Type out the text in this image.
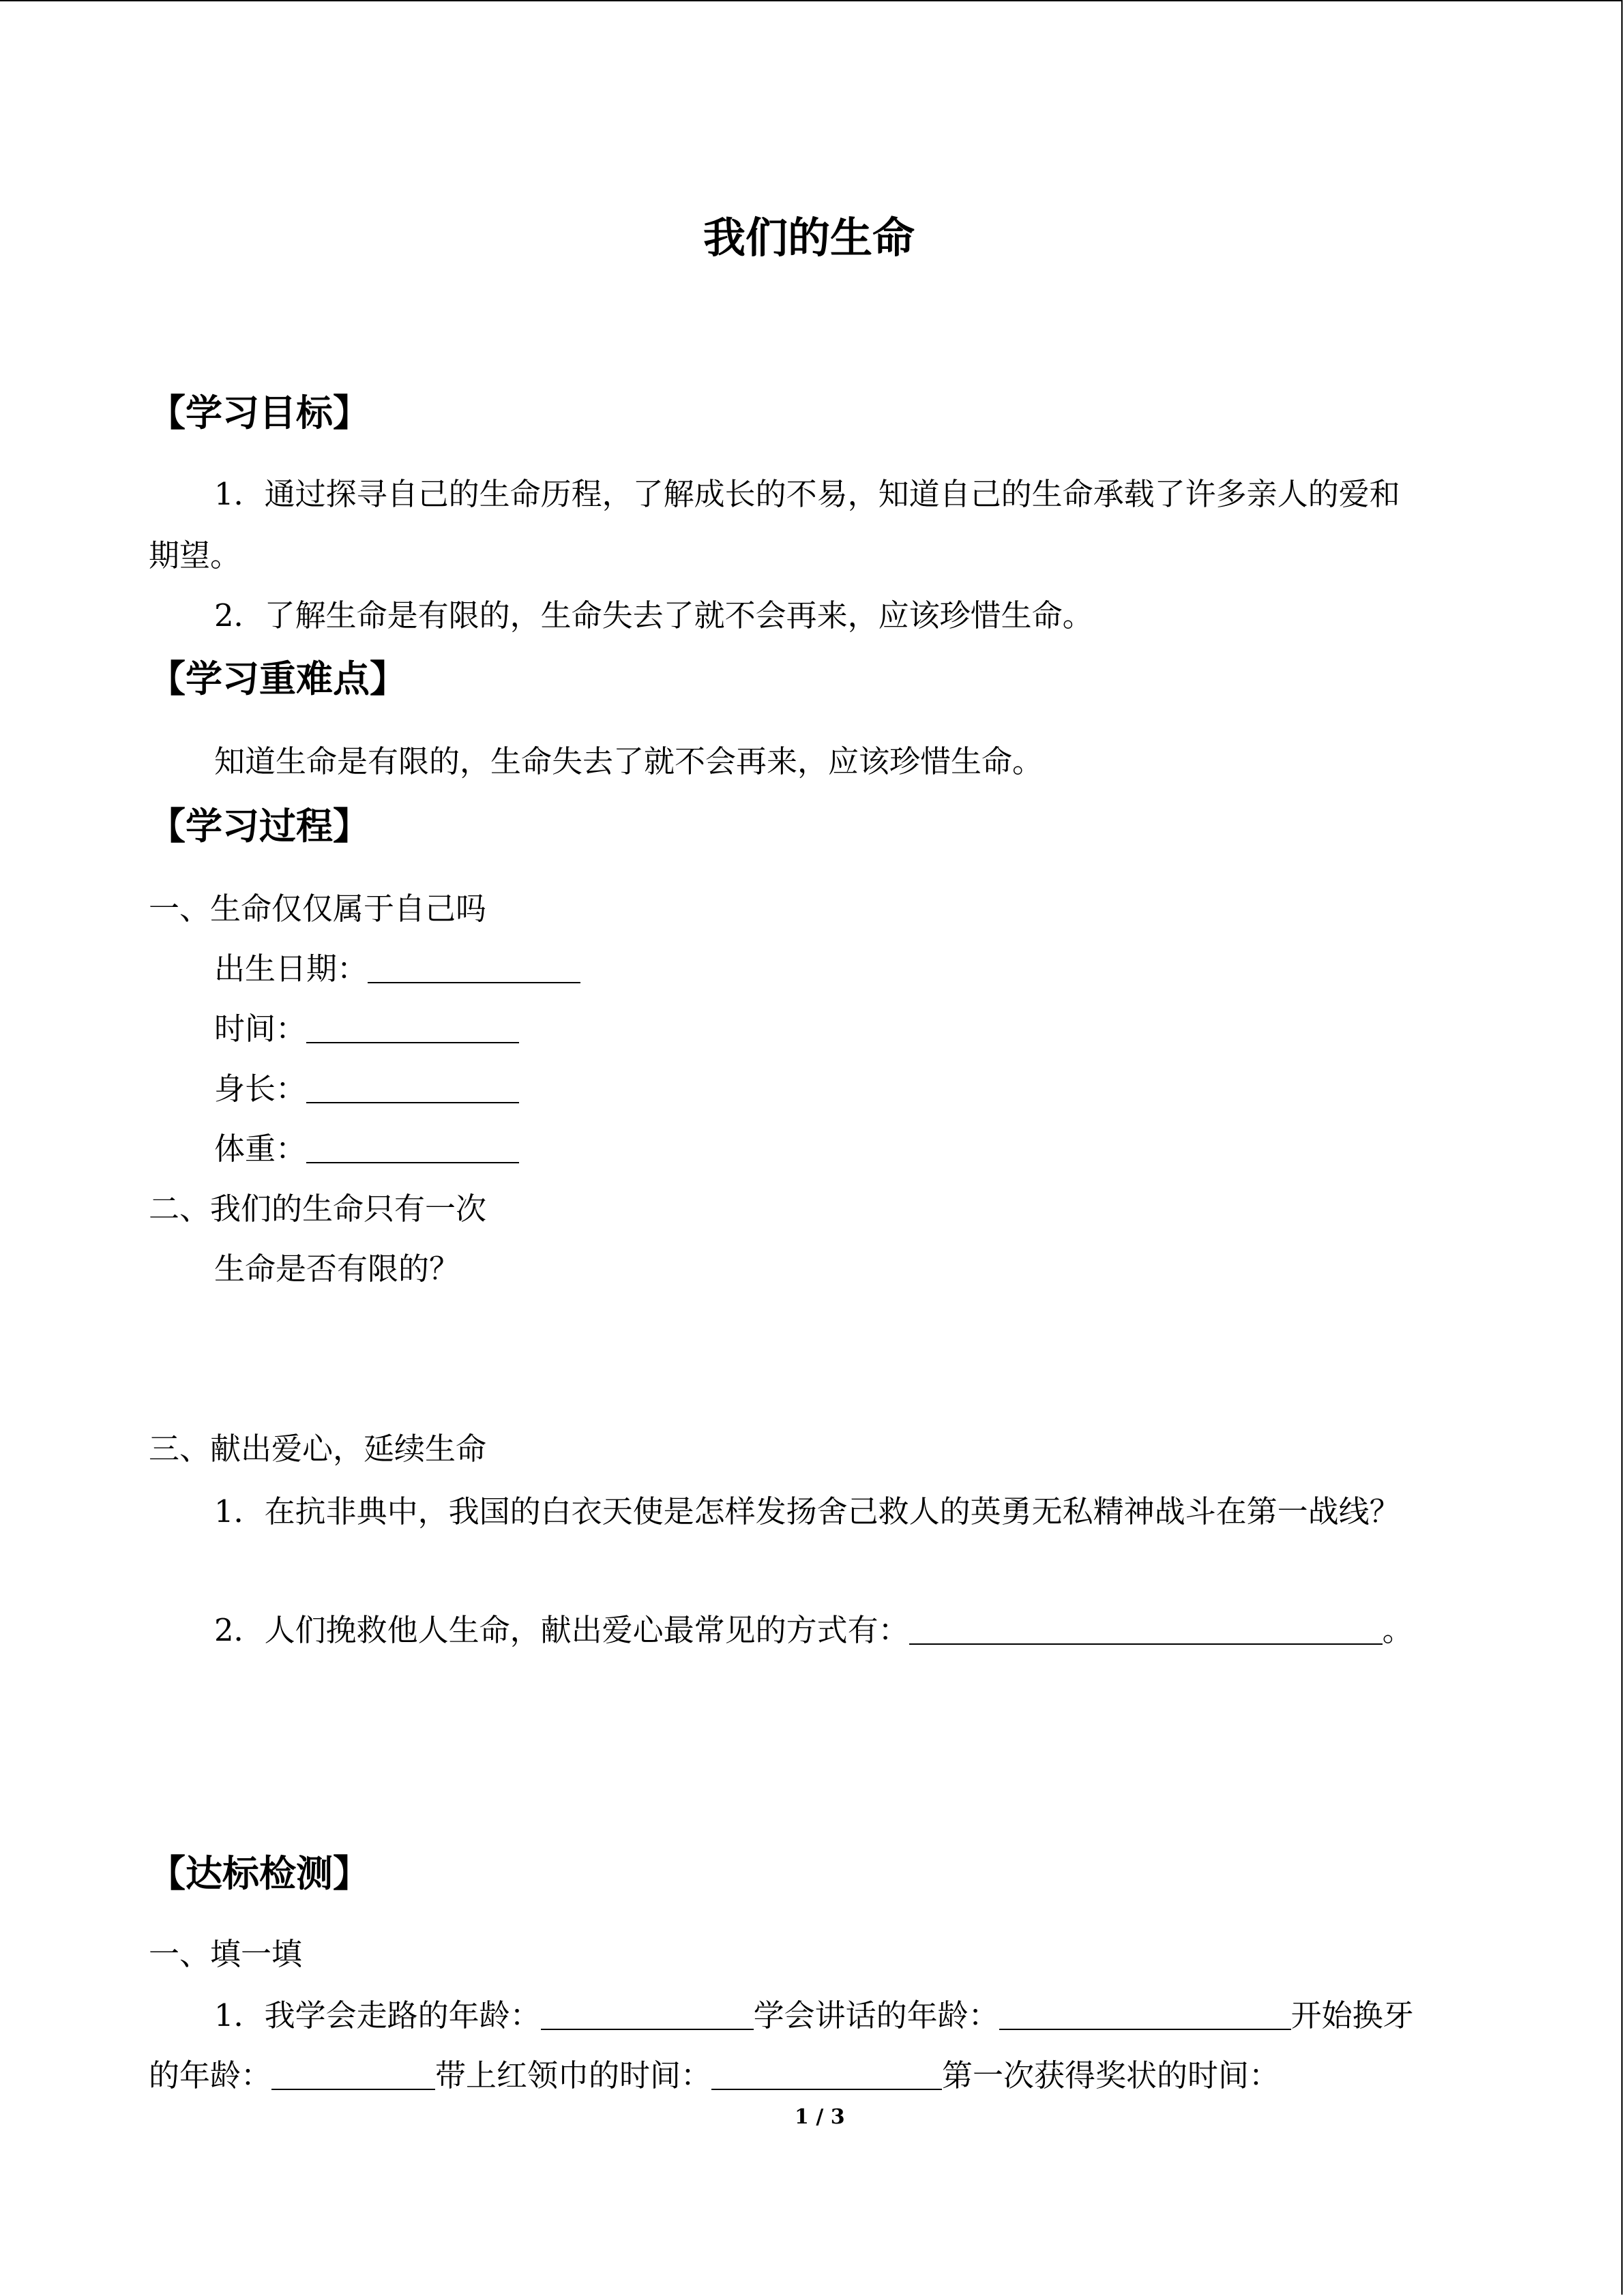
我们的生命
【学习目标】
1．通过探寻自己的生命历程，了解成长的不易，知道自己的生命承载了许多亲人的爱和
期望。
2．了解生命是有限的，生命失去了就不会再来，应该珍惜生命。
【学习重难点】
知道生命是有限的，生命失去了就不会再来，应该珍惜生命。
【学习过程】
一、生命仅仅属于自己吗
出生日期：
时间：
身长：
体重：
二、我们的生命只有一次
生命是否有限的？
三、献出爱心，延续生命
1．在抗非典中，我国的白衣天使是怎样发扬舍己救人的英勇无私精神战斗在第一战线？
2．人们挽救他人生命，献出爱心最常见的方式有：	。
【达标检测】
一、填一填
1．我学会走路的年龄：	学会讲话的年龄：	开始换牙
的年龄：	带上红领巾的时间：	第一次获得奖状的时间：
1 / 3
